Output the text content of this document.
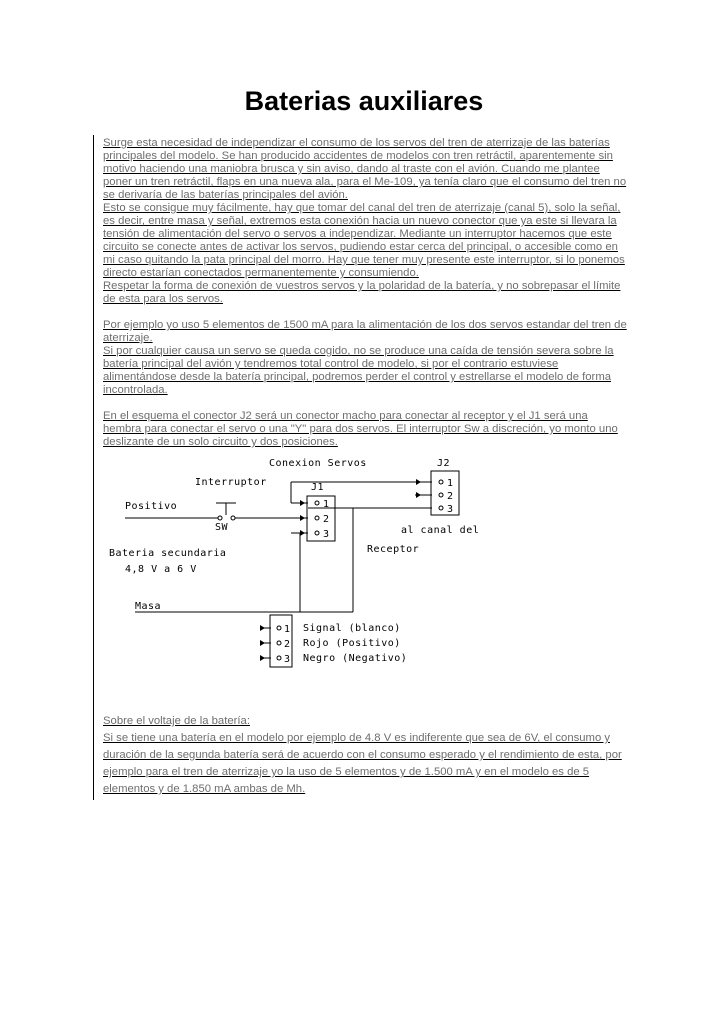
Baterias auxiliares

Surge esta necesidad de independizar el consumo de los servos del tren de aterrizaje de las baterías principales del modelo. Se han producido accidentes de modelos con tren retráctil, aparentemente sin motivo haciendo una maniobra brusca y sin aviso, dando al traste con el avión. Cuando me plantee poner un tren retráctil, flaps en una nueva ala, para el Me-109, ya tenía claro que el consumo del tren no se derivaría de las baterías principales del avión.

Esto se consigue muy fácilmente, hay que tomar del canal del tren de aterrizaje (canal 5), solo la señal, es decir, entre masa y señal, extremos esta conexión hacia un nuevo conector que ya este si llevara la tensión de alimentación del servo o servos a independizar. Mediante un interruptor hacemos que este circuito se conecte antes de activar los servos, pudiendo estar cerca del principal, o accesible como en mi caso quitando la pata principal del morro. Hay que tener muy presente este interruptor, si lo ponemos directo estarían conectados permanentemente y consumiendo.

Respetar la forma de conexión de vuestros servos y la polaridad de la batería, y no sobrepasar el límite de esta para los servos.

Por ejemplo yo uso 5 elementos de 1500 mA para la alimentación de los dos servos estandar del tren de aterrizaje.

Si por cualquier causa un servo se queda cogido, no se produce una caída de tensión severa sobre la batería principal del avión y tendremos total control de modelo, si por el contrario estuviese alimentándose desde la batería principal, podremos perder el control y estrellarse el modelo de forma incontrolada.

En el esquema el conector J2 será un conector macho para conectar al receptor y el J1 será una hembra para conectar el servo o una "Y" para dos servos. El interruptor Sw a discreción, yo monto uno deslizante de un solo circuito y dos posiciones.

Conexion Servos
Interruptor
SW
Positivo
Bateria secundaria
4,8 V a 6 V
Masa
J1
J2
al canal del
Receptor
1
2
3
1
2
3
1
2
3
Signal (blanco)
Rojo (Positivo)
Negro (Negativo)

Sobre el voltaje de la batería:

Si se tiene una batería en el modelo por ejemplo de 4.8 V es indiferente que sea de 6V, el consumo y duración de la segunda batería será de acuerdo con el consumo esperado y el rendimiento de esta, por ejemplo para el tren de aterrizaje yo la uso de 5 elementos y de 1.500 mA y en el modelo es de 5 elementos y de 1.850 mA ambas de Mh.
